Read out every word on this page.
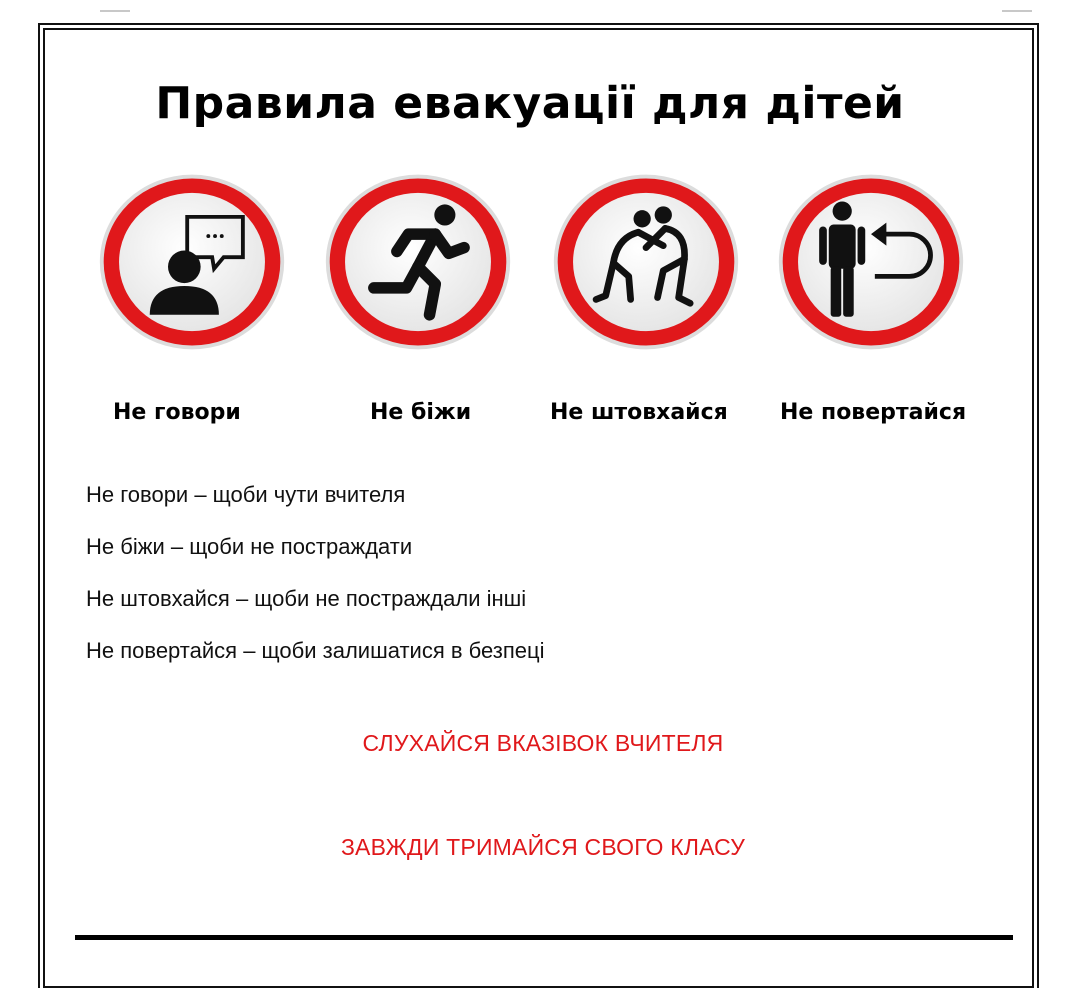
Правила евакуації для дітей
Не говори	Не біжи	Не штовхайся Не повертайся
Не говори – щоби чути вчителя
Не біжи – щоби не постраждати
Не штовхайся – щоби не постраждали інші
Не повертайся – щоби залишатися в безпеці
СЛУХАЙСЯ ВКАЗІВОК ВЧИТЕЛЯ
ЗАВЖДИ ТРИМАЙСЯ СВОГО КЛАСУ
